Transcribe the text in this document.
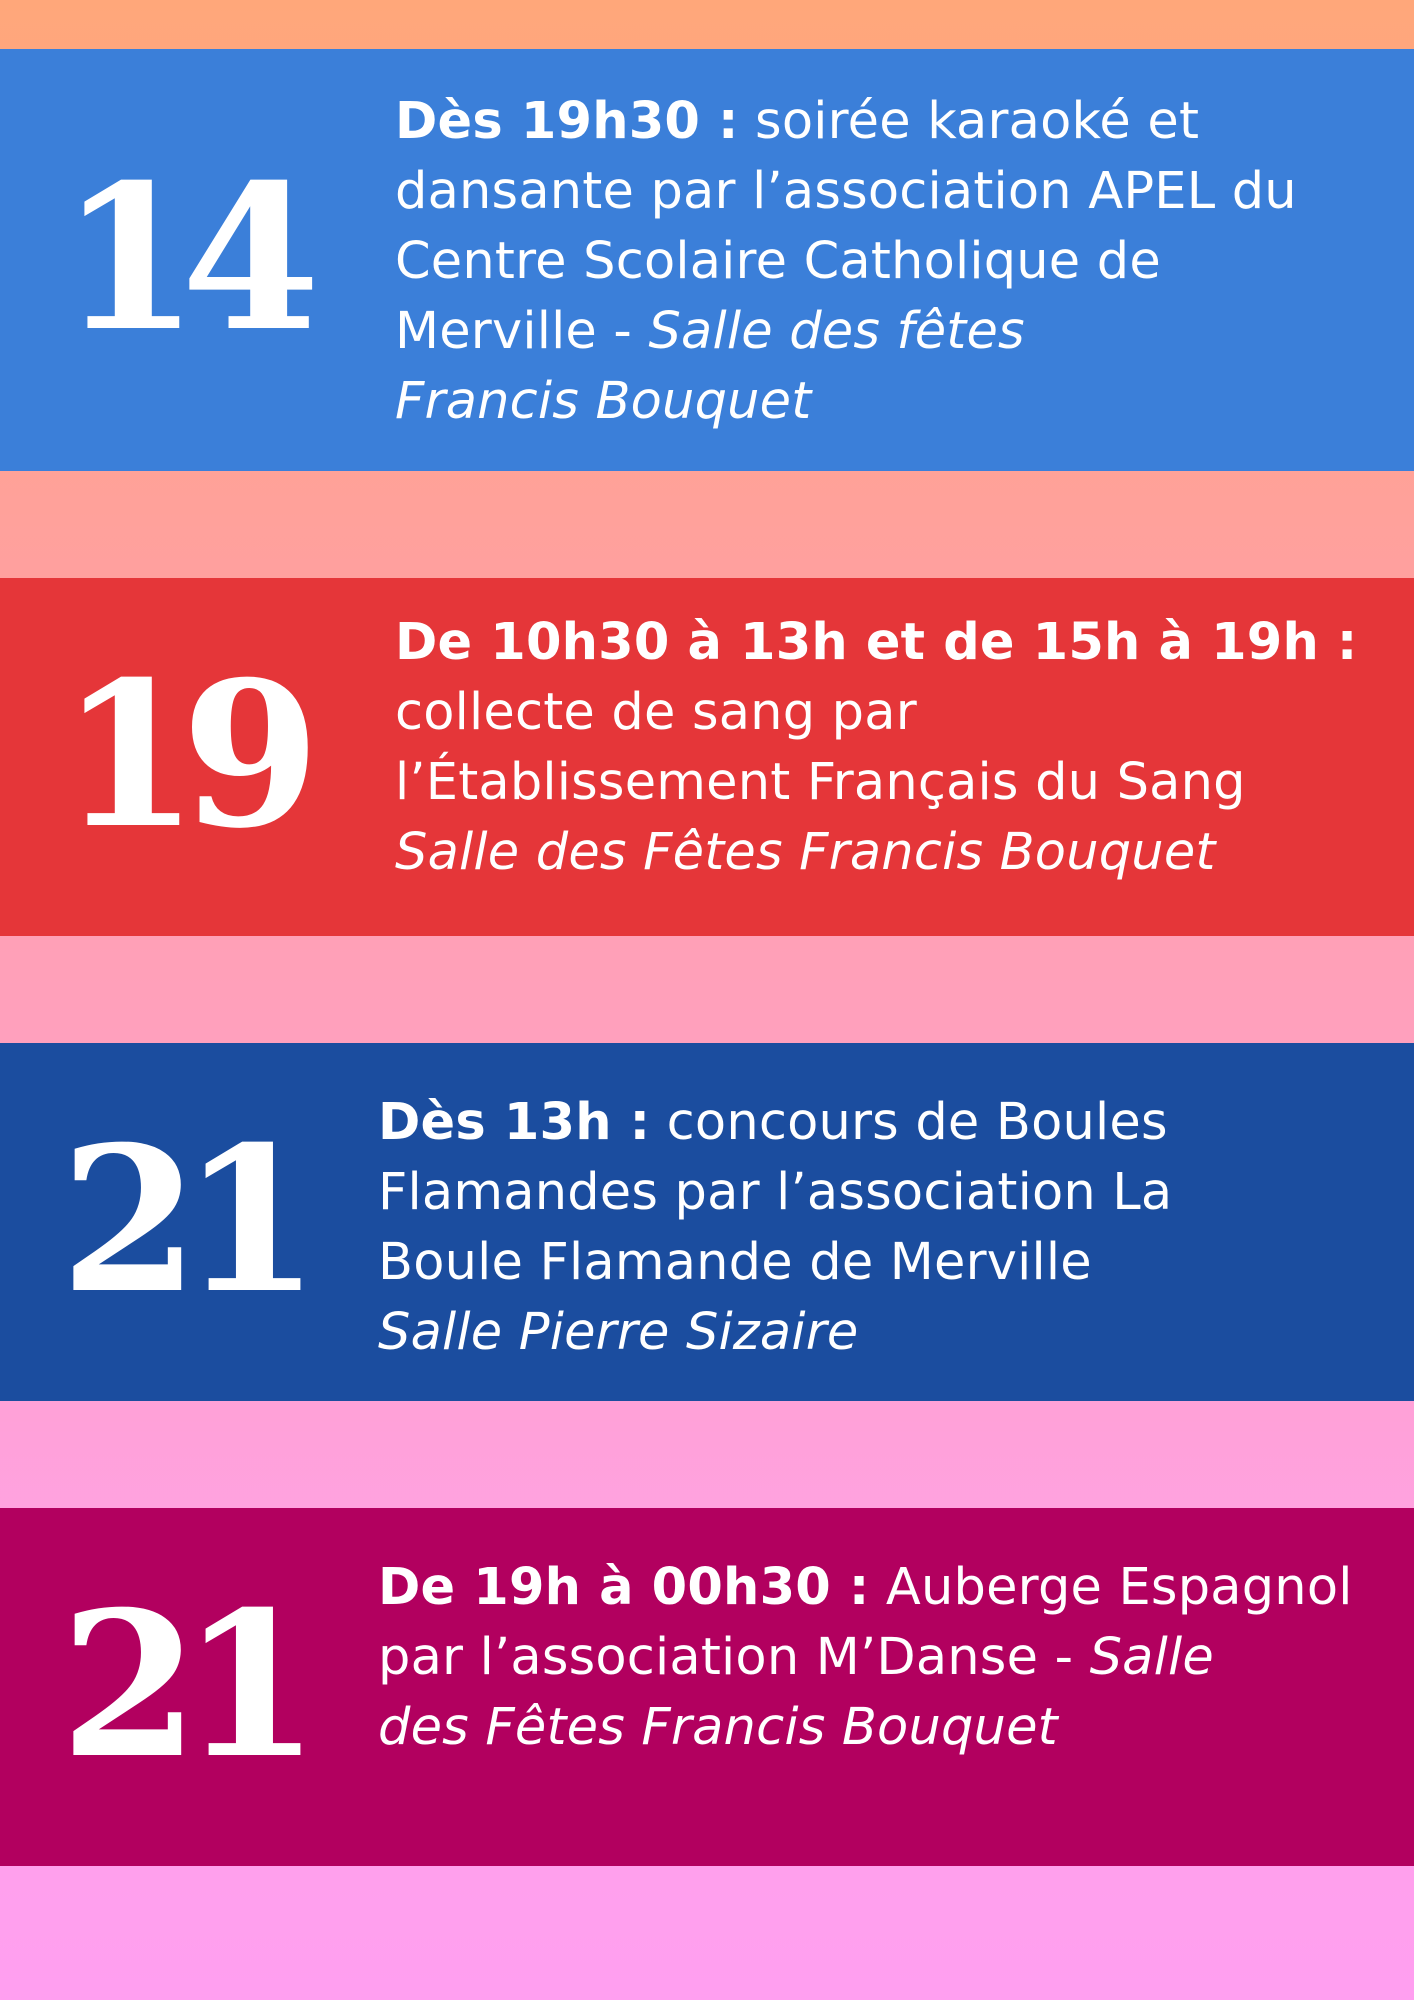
14
Dès 19h30 : soirée karaoké et
dansante par l’association APEL du
Centre Scolaire Catholique de
Merville - Salle des fêtes
Francis Bouquet
19 De 10h30 à 13h et de 15h à 19h :
collecte de sang par
l’Établissement Français du Sang
Salle des Fêtes Francis Bouquet
21 Dès 13h : concours de Boules
Flamandes par l’association La
Boule Flamande de Merville
Salle Pierre Sizaire
21 De 19h à 00h30 : Auberge Espagnol
par l’association M’Danse - Salle
des Fêtes Francis Bouquet
